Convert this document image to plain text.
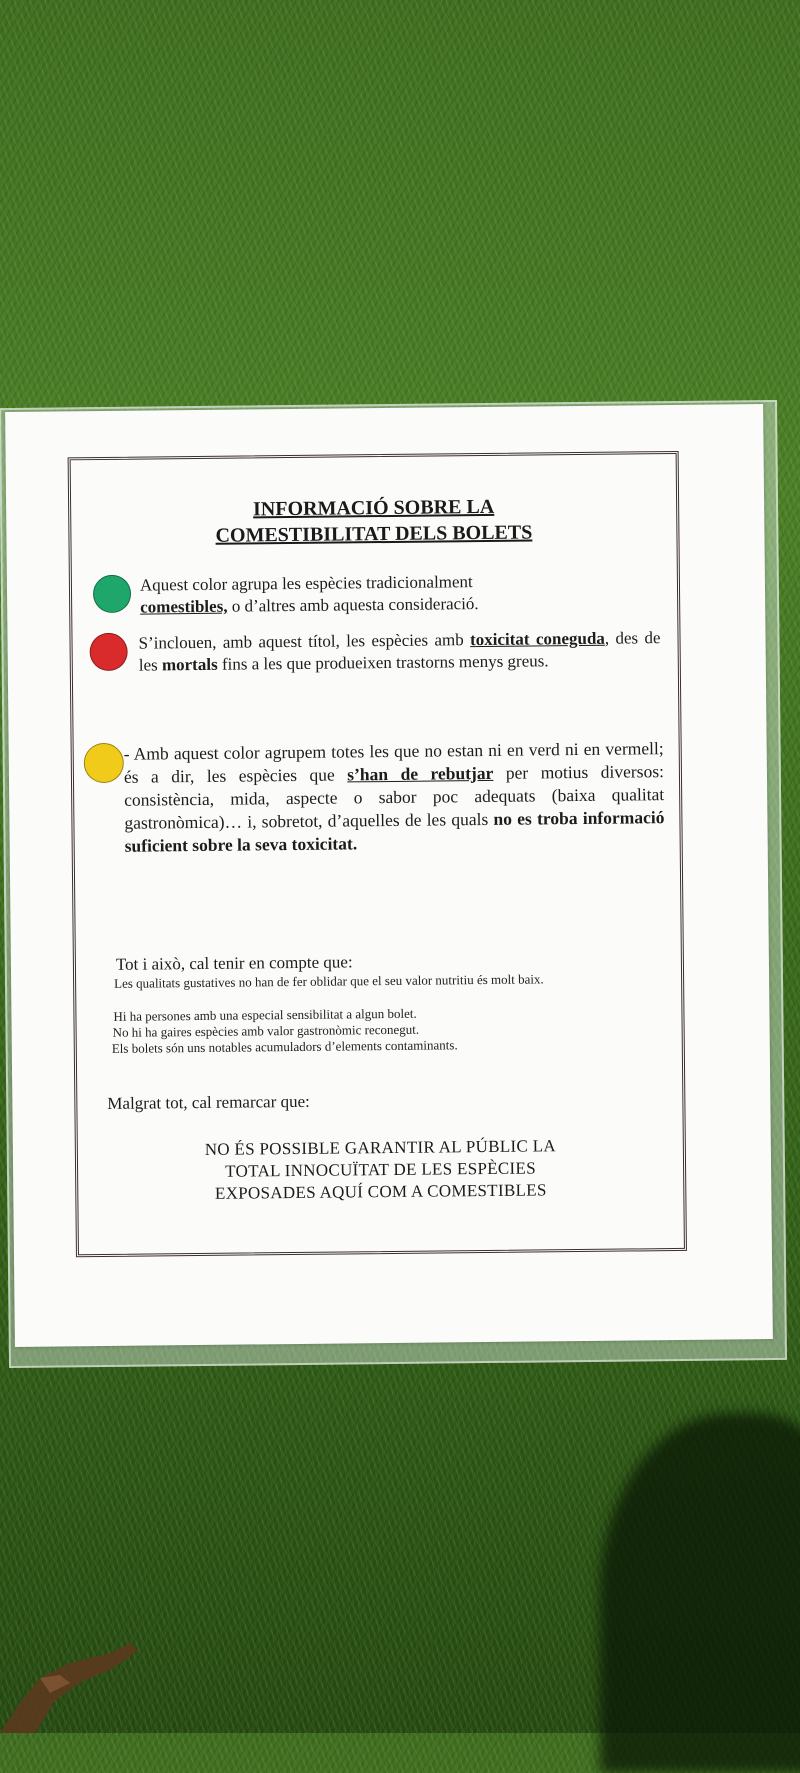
INFORMACIÓ SOBRE LA
COMESTIBILITAT DELS BOLETS
Aquest color agrupa les espècies tradicionalment
comestibles, o d’altres amb aquesta consideració.
S’inclouen, amb aquest títol, les espècies amb toxicitat coneguda, des de les mortals fins a les que produeixen trastorns menys greus.
- Amb aquest color agrupem totes les que no estan ni en verd ni en vermell; és a dir, les espècies que s’han de rebutjar per motius diversos: consistència, mida, aspecte o sabor poc adequats (baixa qualitat gastronòmica)… i, sobretot, d’aquelles de les quals no es troba informació suficient sobre la seva toxicitat.
Tot i això, cal tenir en compte que:
Les qualitats gustatives no han de fer oblidar que el seu valor nutritiu és molt baix.
Hi ha persones amb una especial sensibilitat a algun bolet.
No hi ha gaires espècies amb valor gastronòmic reconegut.
Els bolets són uns notables acumuladors d’elements contaminants.
Malgrat tot, cal remarcar que:
NO ÉS POSSIBLE GARANTIR AL PÚBLIC LA
TOTAL INNOCUÏTAT DE LES ESPÈCIES
EXPOSADES AQUÍ COM A COMESTIBLES
